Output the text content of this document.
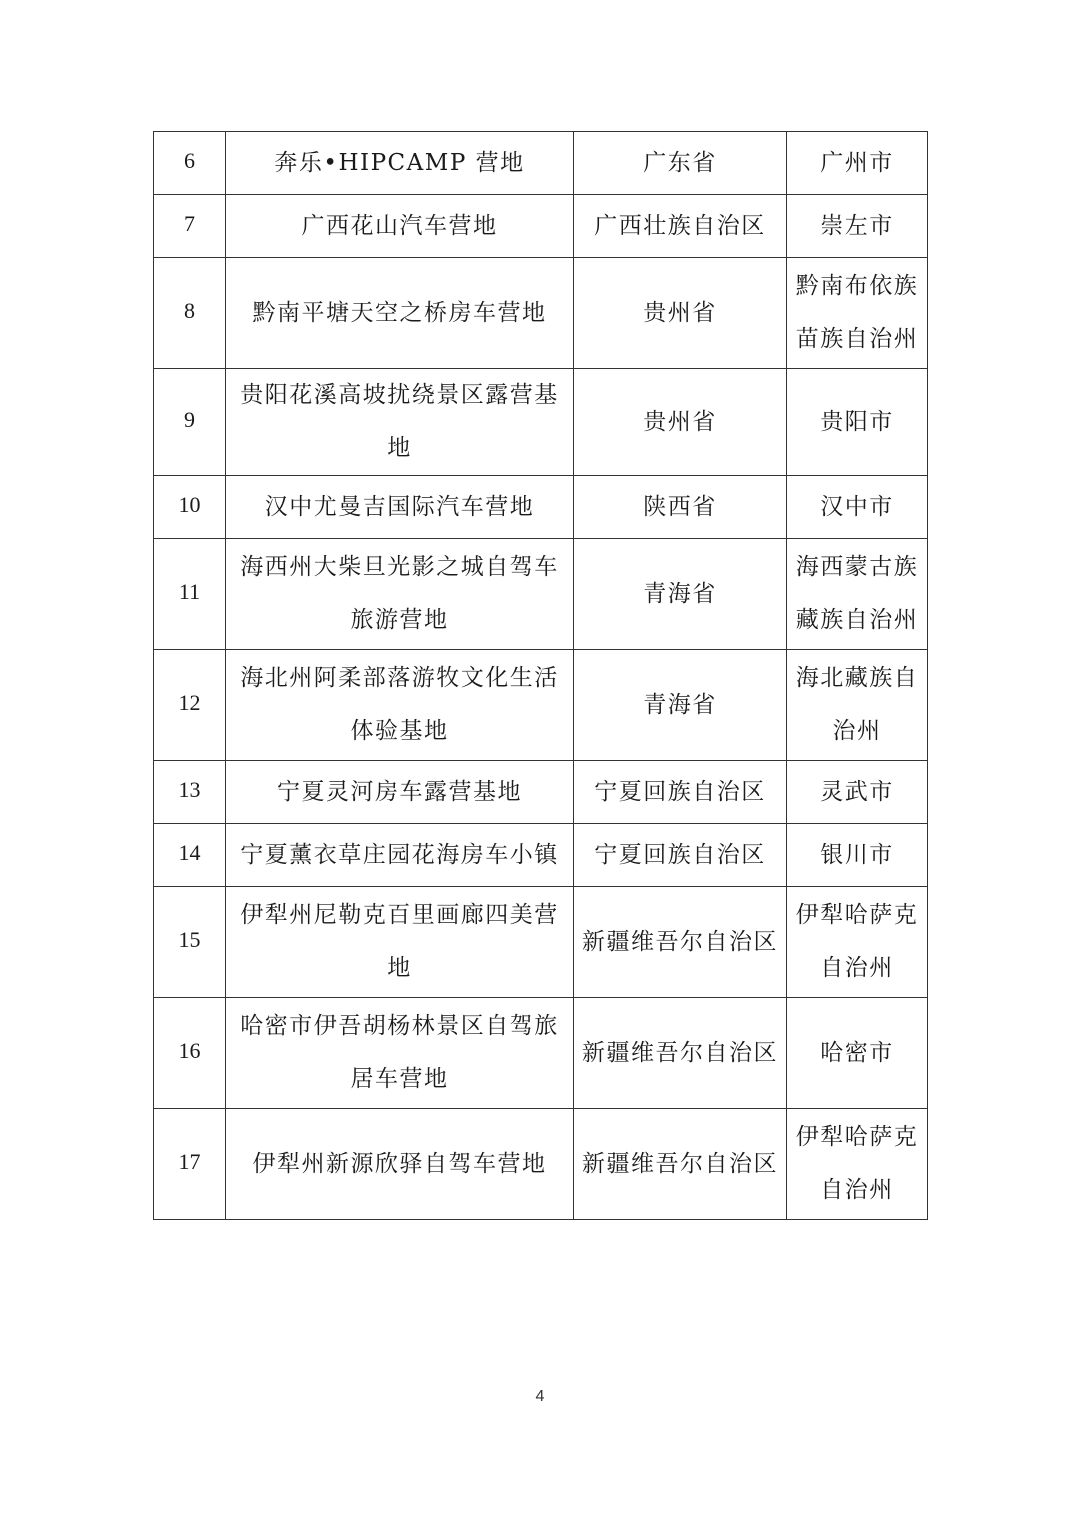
6	奔乐•HIPCAMP 营地	广东省	广州市
7	广西花山汽车营地	广西壮族自治区	崇左市
8	黔南平塘天空之桥房车营地	贵州省	黔南布依族苗族自治州
9	贵阳花溪高坡扰绕景区露营基地	贵州省	贵阳市
10	汉中尤曼吉国际汽车营地	陕西省	汉中市
11	海西州大柴旦光影之城自驾车旅游营地	青海省	海西蒙古族藏族自治州
12	海北州阿柔部落游牧文化生活体验基地	青海省	海北藏族自治州
13	宁夏灵河房车露营基地	宁夏回族自治区	灵武市
14	宁夏薰衣草庄园花海房车小镇	宁夏回族自治区	银川市
15	伊犁州尼勒克百里画廊四美营地	新疆维吾尔自治区	伊犁哈萨克自治州
16	哈密市伊吾胡杨林景区自驾旅居车营地	新疆维吾尔自治区	哈密市
17	伊犁州新源欣驿自驾车营地	新疆维吾尔自治区	伊犁哈萨克自治州
4
